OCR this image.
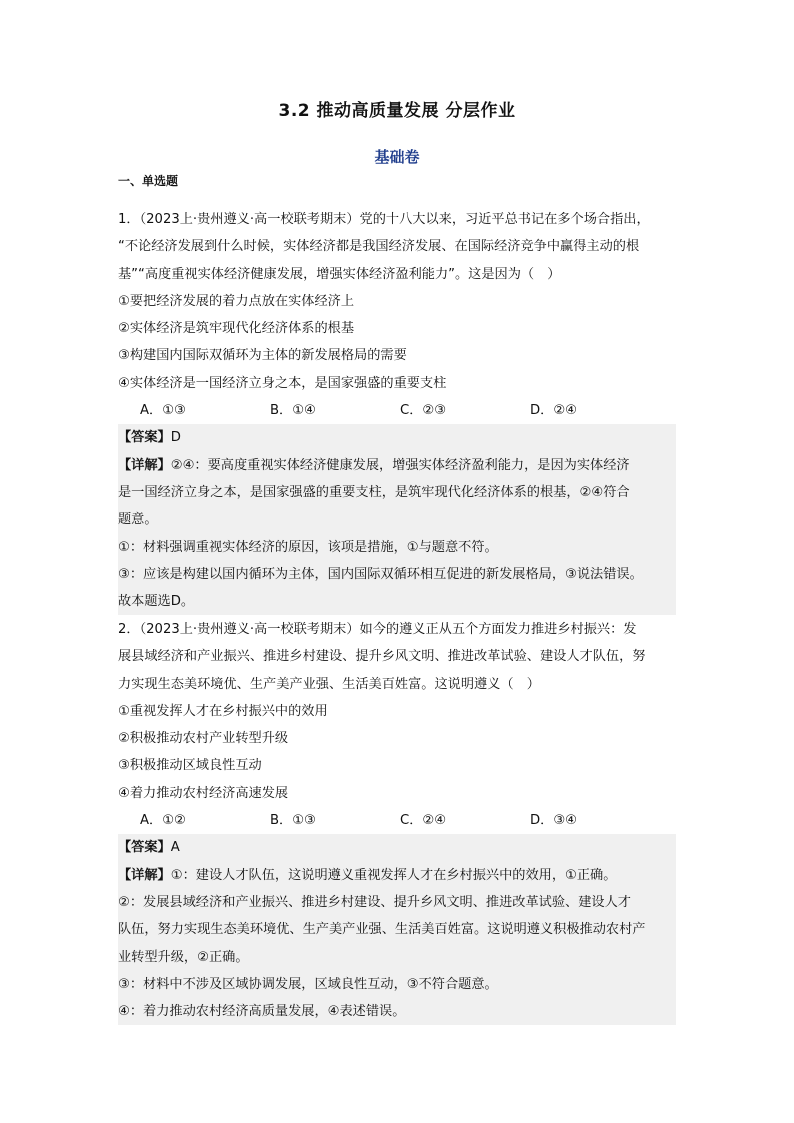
3.2 推动高质量发展 分层作业
基础卷
一、单选题
1．（2023上·贵州遵义·高一校联考期末）党的十八大以来，习近平总书记在多个场合指出，
“不论经济发展到什么时候，实体经济都是我国经济发展、在国际经济竞争中赢得主动的根
基”“高度重视实体经济健康发展，增强实体经济盈利能力”。这是因为（　）
①要把经济发展的着力点放在实体经济上
②实体经济是筑牢现代化经济体系的根基
③构建国内国际双循环为主体的新发展格局的需要
④实体经济是一国经济立身之本，是国家强盛的重要支柱
A．①③	B．①④	C．②③	D．②④
【答案】D
【详解】②④：要高度重视实体经济健康发展，增强实体经济盈利能力，是因为实体经济
是一国经济立身之本，是国家强盛的重要支柱，是筑牢现代化经济体系的根基，②④符合
题意。
①：材料强调重视实体经济的原因，该项是措施，①与题意不符。
③：应该是构建以国内循环为主体，国内国际双循环相互促进的新发展格局，③说法错误。
故本题选D。
2．（2023上·贵州遵义·高一校联考期末）如今的遵义正从五个方面发力推进乡村振兴：发
展县域经济和产业振兴、推进乡村建设、提升乡风文明、推进改革试验、建设人才队伍，努
力实现生态美环境优、生产美产业强、生活美百姓富。这说明遵义（　）
①重视发挥人才在乡村振兴中的效用
②积极推动农村产业转型升级
③积极推动区域良性互动
④着力推动农村经济高速发展
A．①②	B．①③	C．②④	D．③④
【答案】A
【详解】①：建设人才队伍，这说明遵义重视发挥人才在乡村振兴中的效用，①正确。
②：发展县域经济和产业振兴、推进乡村建设、提升乡风文明、推进改革试验、建设人才
队伍，努力实现生态美环境优、生产美产业强、生活美百姓富。这说明遵义积极推动农村产
业转型升级，②正确。
③：材料中不涉及区域协调发展，区域良性互动，③不符合题意。
④：着力推动农村经济高质量发展，④表述错误。
